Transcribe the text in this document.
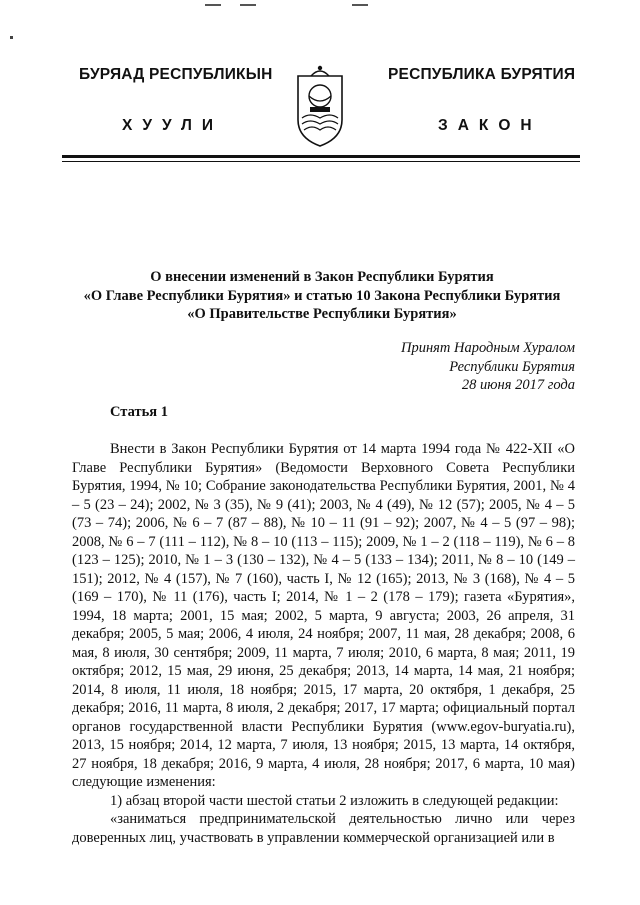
БУРЯАД РЕСПУБЛИКЫН
ХУУЛИ
РЕСПУБЛИКА БУРЯТИЯ
ЗАКОН
О внесении изменений в Закон Республики Бурятия
«О Главе Республики Бурятия» и статью 10 Закона Республики Бурятия
«О Правительстве Республики Бурятия»
Принят Народным Хуралом
Республики Бурятия
28 июня 2017 года
Статья 1

Внести в Закон Республики Бурятия от 14 марта 1994 года № 422-XII «О Главе Республики Бурятия» (Ведомости Верховного Совета Республики Бурятия, 1994, № 10; Собрание законодательства Республики Бурятия, 2001, № 4 – 5 (23 – 24); 2002, № 3 (35), № 9 (41); 2003, № 4 (49), № 12 (57); 2005, № 4 – 5 (73 – 74); 2006, № 6 – 7 (87 – 88), № 10 – 11 (91 – 92); 2007, № 4 – 5 (97 – 98); 2008, № 6 – 7 (111 – 112), № 8 – 10 (113 – 115); 2009, № 1 – 2 (118 – 119), № 6 – 8 (123 – 125); 2010, № 1 – 3 (130 – 132), № 4 – 5 (133 – 134); 2011, № 8 – 10 (149 – 151); 2012, № 4 (157), № 7 (160), часть I, № 12 (165); 2013, № 3 (168), № 4 – 5 (169 – 170), № 11 (176), часть I; 2014, № 1 – 2 (178 – 179); газета «Бурятия», 1994, 18 марта; 2001, 15 мая; 2002, 5 марта, 9 августа; 2003, 26 апреля, 31 декабря; 2005, 5 мая; 2006, 4 июля, 24 ноября; 2007, 11 мая, 28 декабря; 2008, 6 мая, 8 июля, 30 сентября; 2009, 11 марта, 7 июля; 2010, 6 марта, 8 мая; 2011, 19 октября; 2012, 15 мая, 29 июня, 25 декабря; 2013, 14 марта, 14 мая, 21 ноября; 2014, 8 июля, 11 июля, 18 ноября; 2015, 17 марта, 20 октября, 1 декабря, 25 декабря; 2016, 11 марта, 8 июля, 2 декабря; 2017, 17 марта; официальный портал органов государственной власти Республики Бурятия (www.egov-buryatia.ru), 2013, 15 ноября; 2014, 12 марта, 7 июля, 13 ноября; 2015, 13 марта, 14 октября, 27 ноября, 18 декабря; 2016, 9 марта, 4 июля, 28 ноября; 2017, 6 марта, 10 мая) следующие изменения:

1) абзац второй части шестой статьи 2 изложить в следующей редакции:

«заниматься предпринимательской деятельностью лично или через доверенных лиц, участвовать в управлении коммерческой организацией или в
